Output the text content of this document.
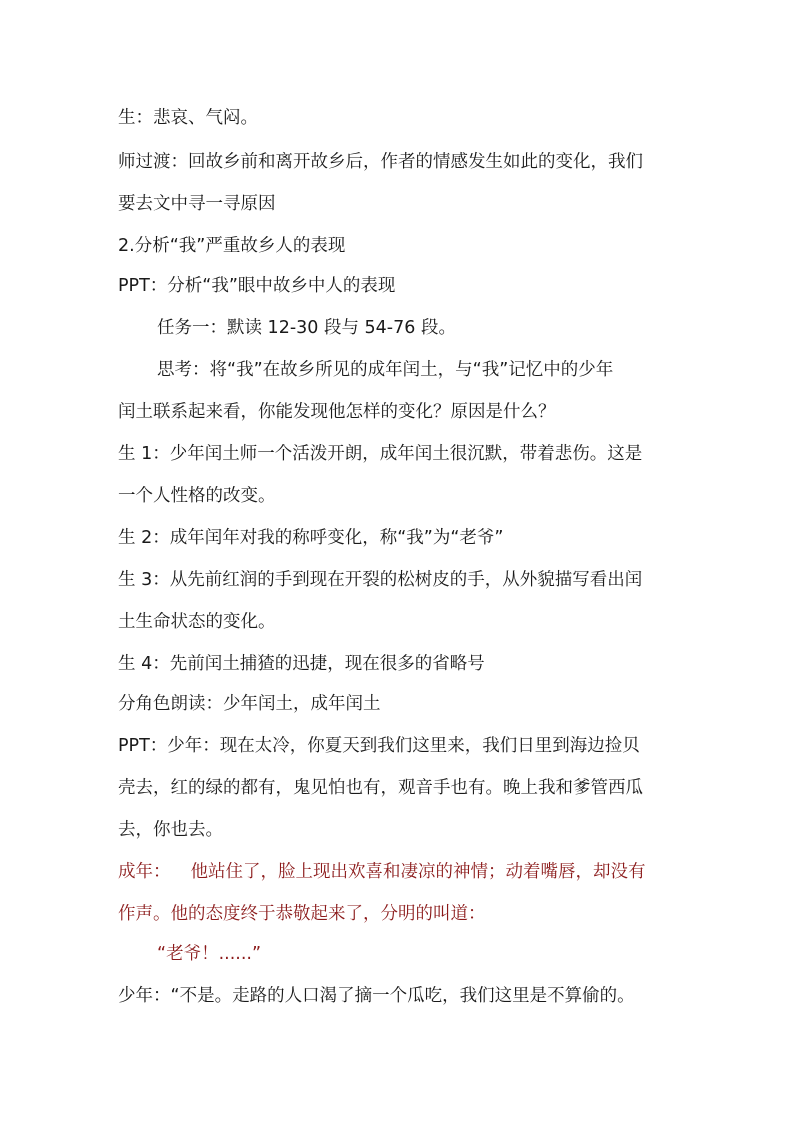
生：悲哀、气闷。
师过渡：回故乡前和离开故乡后，作者的情感发生如此的变化，我们
要去文中寻一寻原因
2.分析“我”严重故乡人的表现
PPT：分析“我”眼中故乡中人的表现
任务一：默读 12-30 段与 54-76 段。
思考：将“我”在故乡所见的成年闰土，与“我”记忆中的少年
闰土联系起来看，你能发现他怎样的变化？原因是什么？
生 1：少年闰土师一个活泼开朗，成年闰土很沉默，带着悲伤。这是
一个人性格的改变。
生 2：成年闰年对我的称呼变化，称“我”为“老爷”
生 3：从先前红润的手到现在开裂的松树皮的手，从外貌描写看出闰
土生命状态的变化。
生 4：先前闰土捕猹的迅捷，现在很多的省略号
分角色朗读：少年闰土，成年闰土
PPT：少年：现在太冷，你夏天到我们这里来，我们日里到海边捡贝
壳去，红的绿的都有，鬼见怕也有，观音手也有。晚上我和爹管西瓜
去，你也去。
成年： 他站住了，脸上现出欢喜和凄凉的神情；动着嘴唇，却没有
作声。他的态度终于恭敬起来了，分明的叫道：
“老爷！......”
少年：“不是。走路的人口渴了摘一个瓜吃，我们这里是不算偷的。
